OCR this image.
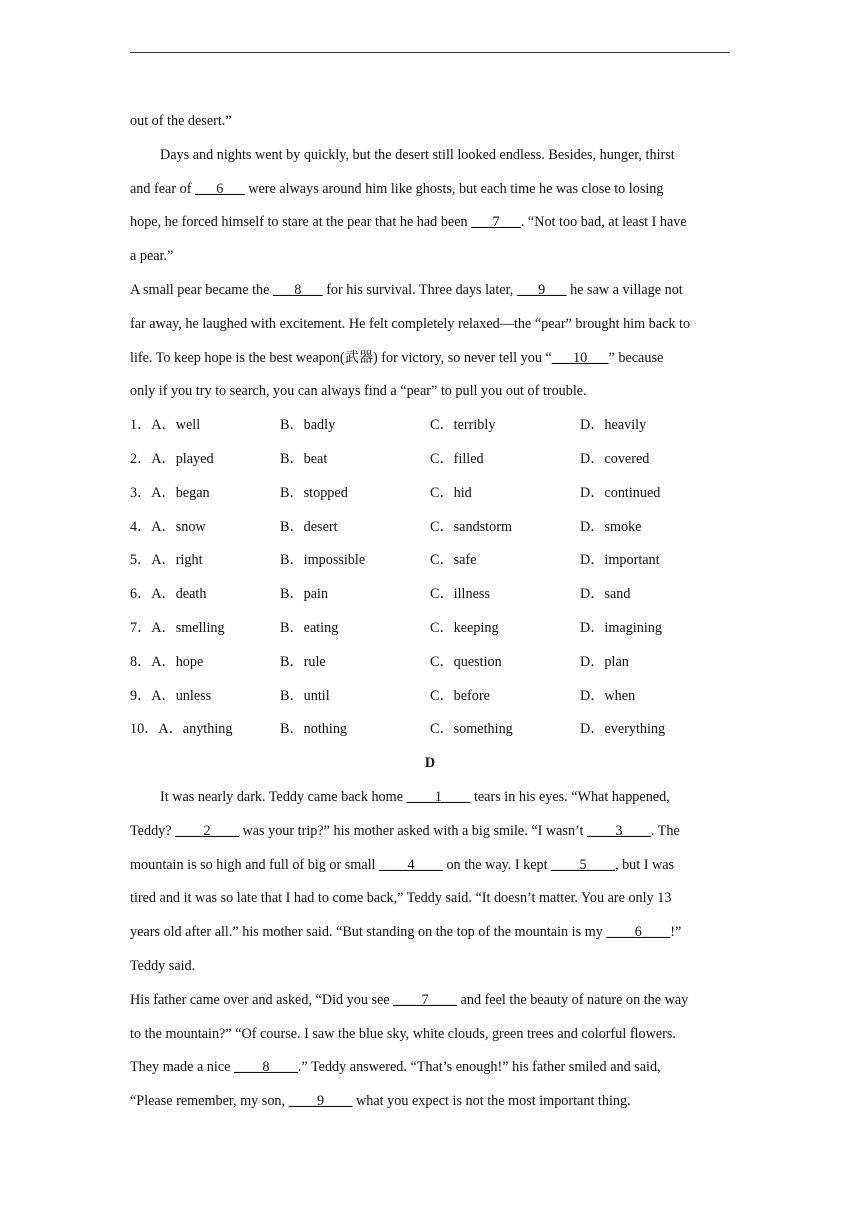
out of the desert.”
Days and nights went by quickly, but the desert still looked endless. Besides, hunger, thirst
and fear of ___6___ were always around him like ghosts, but each time he was close to losing
hope, he forced himself to stare at the pear that he had been ___7___. “Not too bad, at least I have
a pear.”
A small pear became the ___8___ for his survival. Three days later, ___9___ he saw a village not
far away, he laughed with excitement. He felt completely relaxed—the “pear” brought him back to
life. To keep hope is the best weapon(武器) for victory, so never tell you “___10___” because
only if you try to search, you can always find a “pear” to pull you out of trouble.
1．A．well	B．badly	C．terribly	D．heavily
2．A．played	B．beat	C．filled	D．covered
3．A．began	B．stopped	C．hid	D．continued
4．A．snow	B．desert	C．sandstorm	D．smoke
5．A．right	B．impossible	C．safe	D．important
6．A．death	B．pain	C．illness	D．sand
7．A．smelling	B．eating	C．keeping	D．imagining
8．A．hope	B．rule	C．question	D．plan
9．A．unless	B．until	C．before	D．when
10．A．anything	B．nothing	C．something	D．everything
D
It was nearly dark. Teddy came back home ____1____ tears in his eyes. “What happened,
Teddy? ____2____ was your trip?” his mother asked with a big smile. “I wasn’t ____3____. The
mountain is so high and full of big or small ____4____ on the way. I kept ____5____, but I was
tired and it was so late that I had to come back,” Teddy said. “It doesn’t matter. You are only 13
years old after all.” his mother said. “But standing on the top of the mountain is my ____6____!”
Teddy said.
His father came over and asked, “Did you see ____7____ and feel the beauty of nature on the way
to the mountain?” “Of course. I saw the blue sky, white clouds, green trees and colorful flowers.
They made a nice ____8____.” Teddy answered. “That’s enough!” his father smiled and said,
“Please remember, my son, ____9____ what you expect is not the most important thing.
